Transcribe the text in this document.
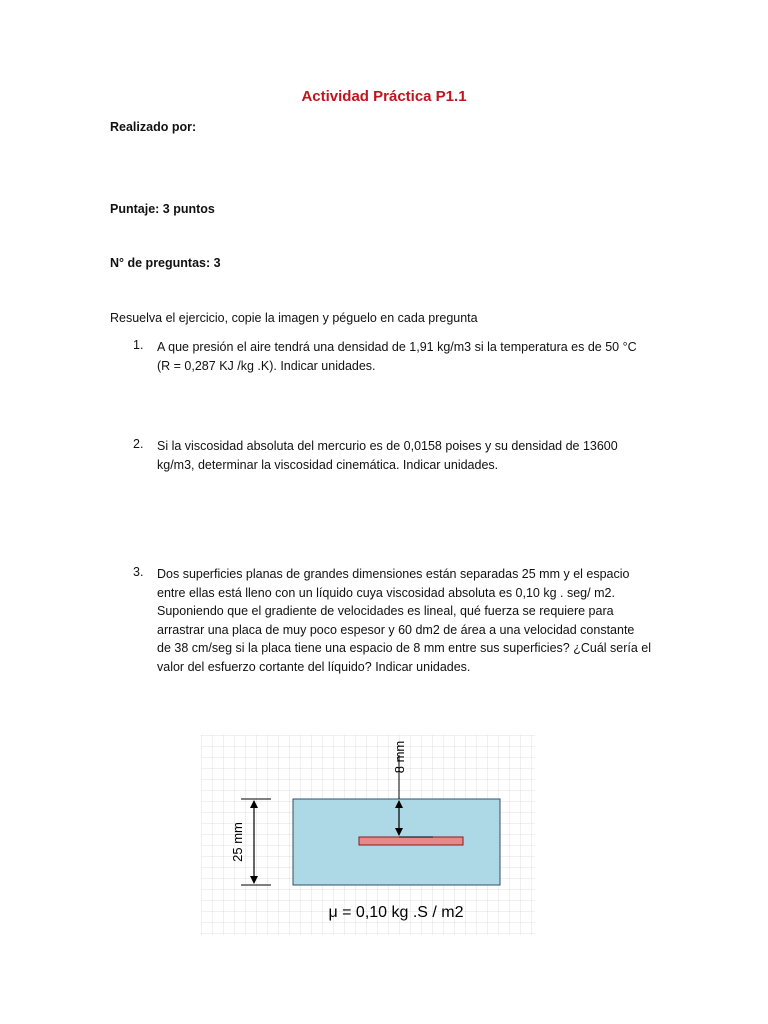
Actividad Práctica P1.1
Realizado por:
Puntaje: 3 puntos
N° de preguntas: 3
Resuelva el ejercicio, copie la imagen y péguelo en cada pregunta
1. A que presión el aire tendrá una densidad de 1,91 kg/m3 si la temperatura es de 50 °C
(R = 0,287 KJ /kg .K). Indicar unidades.
2. Si la viscosidad absoluta del mercurio es de 0,0158 poises y su densidad de 13600
kg/m3, determinar la viscosidad cinemática. Indicar unidades.
3. Dos superficies planas de grandes dimensiones están separadas 25 mm y el espacio
entre ellas está lleno con un líquido cuya viscosidad absoluta es 0,10 kg . seg/ m2.
Suponiendo que el gradiente de velocidades es lineal, qué fuerza se requiere para
arrastrar una placa de muy poco espesor y 60 dm2 de área a una velocidad constante
de 38 cm/seg si la placa tiene una espacio de 8 mm entre sus superficies? ¿Cuál sería el
valor del esfuerzo cortante del líquido? Indicar unidades.
25 mm
8 mm
μ = 0,10 kg .S / m2
